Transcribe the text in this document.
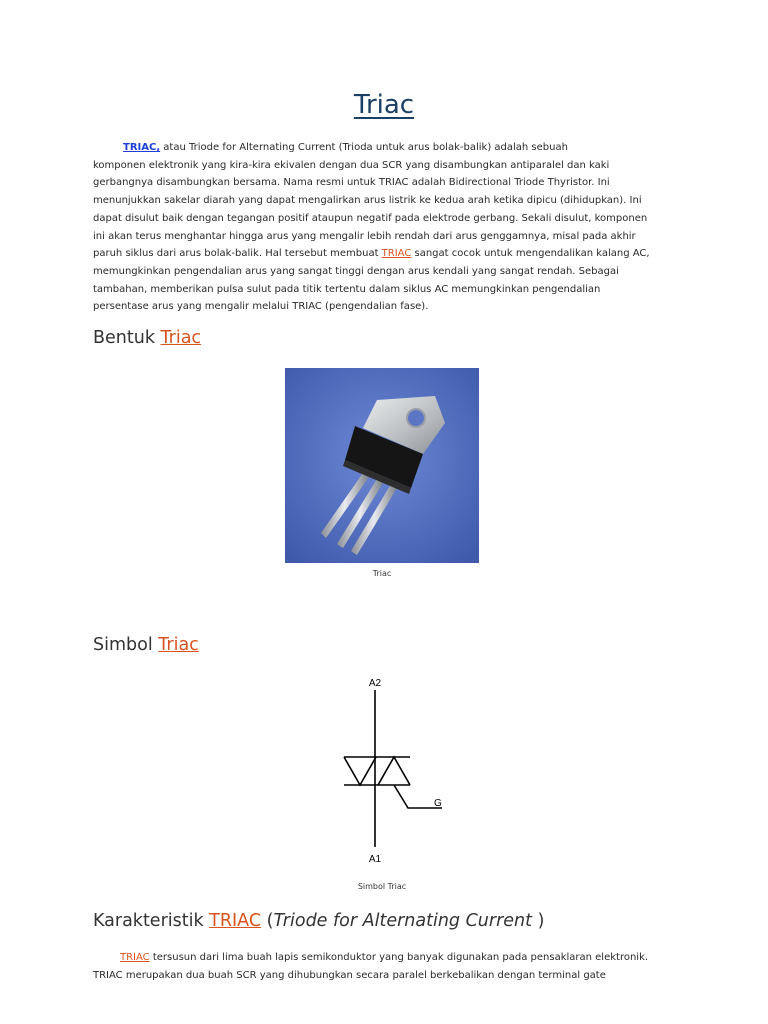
Triac

TRIAC, atau Triode for Alternating Current (Trioda untuk arus bolak-balik) adalah sebuah

komponen elektronik yang kira-kira ekivalen dengan dua SCR yang disambungkan antiparalel dan kaki

gerbangnya disambungkan bersama. Nama resmi untuk TRIAC adalah Bidirectional Triode Thyristor. Ini

menunjukkan sakelar diarah yang dapat mengalirkan arus listrik ke kedua arah ketika dipicu (dihidupkan). Ini

dapat disulut baik dengan tegangan positif ataupun negatif pada elektrode gerbang. Sekali disulut, komponen

ini akan terus menghantar hingga arus yang mengalir lebih rendah dari arus genggamnya, misal pada akhir

paruh siklus dari arus bolak-balik. Hal tersebut membuat TRIAC sangat cocok untuk mengendalikan kalang AC,

memungkinkan pengendalian arus yang sangat tinggi dengan arus kendali yang sangat rendah. Sebagai

tambahan, memberikan pulsa sulut pada titik tertentu dalam siklus AC memungkinkan pengendalian

persentase arus yang mengalir melalui TRIAC (pengendalian fase).

Bentuk Triac
Triac
Simbol Triac
A2
G
A1
Simbol Triac
Karakteristik TRIAC (Triode for Alternating Current )

TRIAC tersusun dari lima buah lapis semikonduktor yang banyak digunakan pada pensaklaran elektronik.

TRIAC merupakan dua buah SCR yang dihubungkan secara paralel berkebalikan dengan terminal gate
